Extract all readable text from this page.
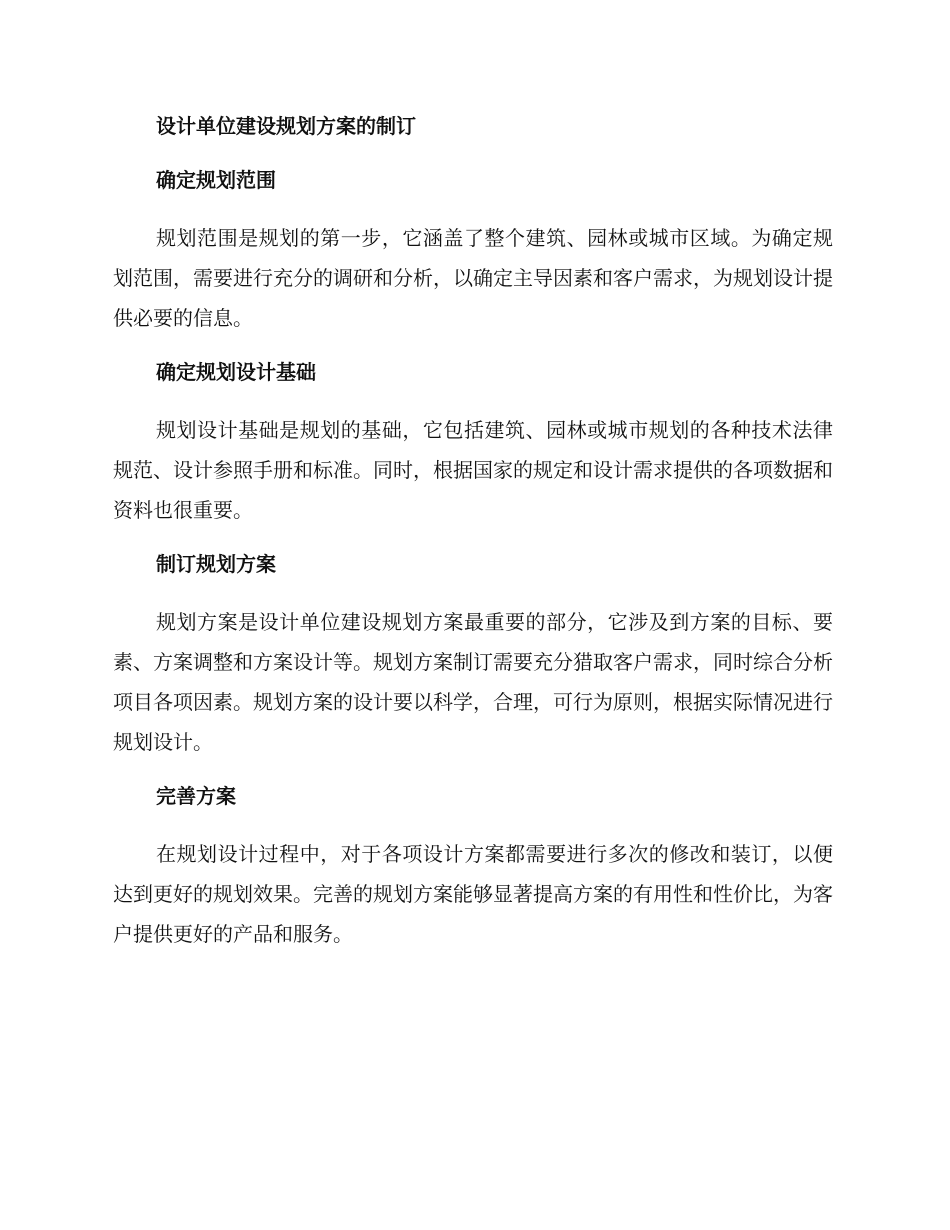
设计单位建设规划方案的制订
确定规划范围

规划范围是规划的第一步，它涵盖了整个建筑、园林或城市区域。为确定规划范围，需要进行充分的调研和分析，以确定主导因素和客户需求，为规划设计提供必要的信息。

确定规划设计基础

规划设计基础是规划的基础，它包括建筑、园林或城市规划的各种技术法律规范、设计参照手册和标准。同时，根据国家的规定和设计需求提供的各项数据和资料也很重要。

制订规划方案

规划方案是设计单位建设规划方案最重要的部分，它涉及到方案的目标、要素、方案调整和方案设计等。规划方案制订需要充分猎取客户需求，同时综合分析项目各项因素。规划方案的设计要以科学，合理，可行为原则，根据实际情况进行规划设计。

完善方案

在规划设计过程中，对于各项设计方案都需要进行多次的修改和装订，以便达到更好的规划效果。完善的规划方案能够显著提高方案的有用性和性价比，为客户提供更好的产品和服务。
